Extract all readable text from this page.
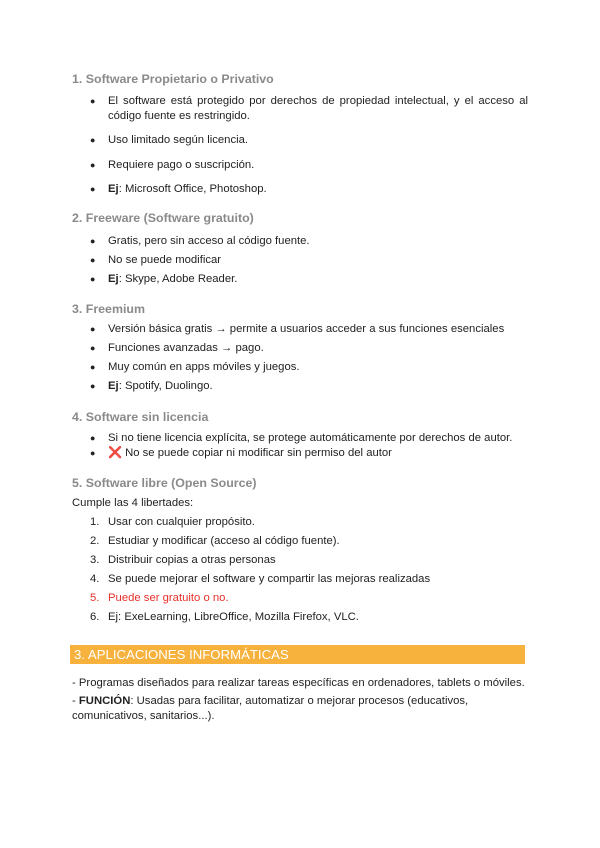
1. Software Propietario o Privativo
● El software está protegido por derechos de propiedad intelectual, y el acceso al código fuente es restringido.
● Uso limitado según licencia.
● Requiere pago o suscripción.
● Ej: Microsoft Office, Photoshop.
2. Freeware (Software gratuito)
● Gratis, pero sin acceso al código fuente.
● No se puede modificar
● Ej: Skype, Adobe Reader.
3. Freemium
● Versión básica gratis → permite a usuarios acceder a sus funciones esenciales
● Funciones avanzadas → pago.
● Muy común en apps móviles y juegos.
● Ej: Spotify, Duolingo.
4. Software sin licencia
● Si no tiene licencia explícita, se protege automáticamente por derechos de autor.
● ❌ No se puede copiar ni modificar sin permiso del autor
5. Software libre (Open Source)
Cumple las 4 libertades:
1. Usar con cualquier propósito.
2. Estudiar y modificar (acceso al código fuente).
3. Distribuir copias a otras personas
4. Se puede mejorar el software y compartir las mejoras realizadas
5. Puede ser gratuito o no.
6. Ej: ExeLearning, LibreOffice, Mozilla Firefox, VLC.
3. APLICACIONES INFORMÁTICAS
- Programas diseñados para realizar tareas específicas en ordenadores, tablets o móviles.
- FUNCIÓN: Usadas para facilitar, automatizar o mejorar procesos (educativos, comunicativos, sanitarios...).
